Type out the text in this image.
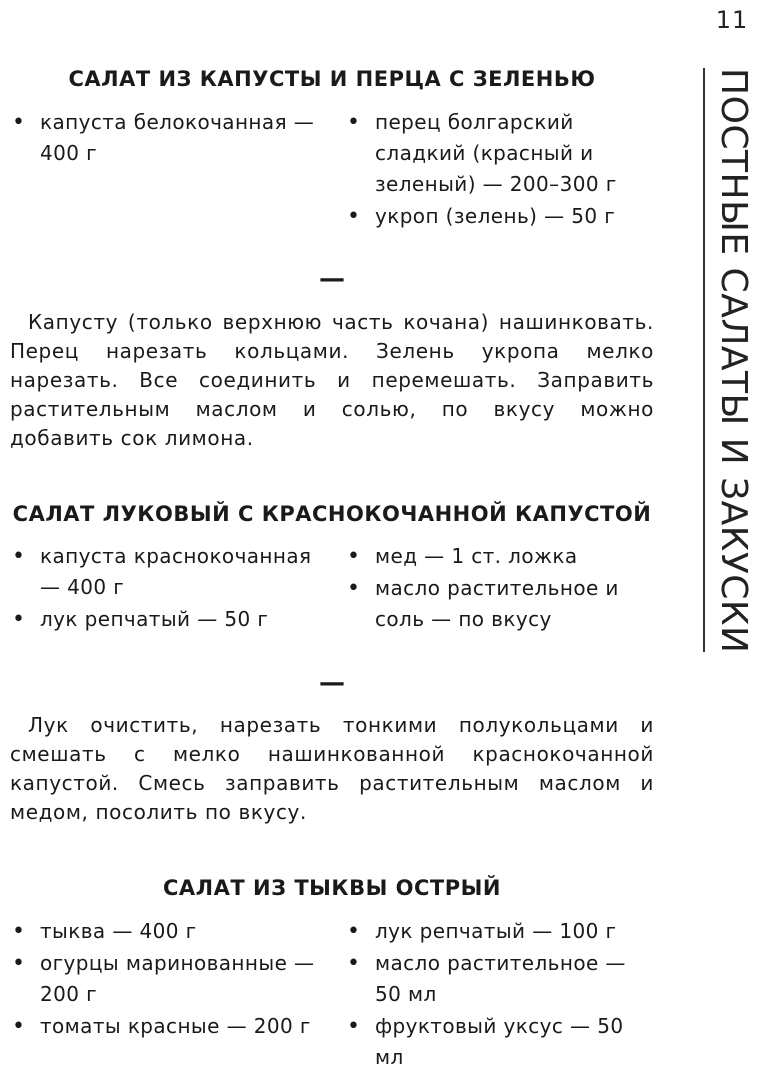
11
ПОСТНЫЕ САЛАТЫ И ЗАКУСКИ
САЛАТ ИЗ КАПУСТЫ И ПЕРЦА С ЗЕЛЕНЬЮ
• капуста белокочанная — 400 г
• перец болгарский сладкий (красный и зеленый) — 200–300 г
• укроп (зелень) — 50 г
—

Капусту (только верхнюю часть кочана) нашинковать. Перец нарезать кольцами. Зелень укропа мелко нарезать. Все соединить и перемешать. Заправить растительным маслом и солью, по вкусу можно добавить сок лимона.

САЛАТ ЛУКОВЫЙ С КРАСНОКОЧАННОЙ КАПУСТОЙ
• капуста краснокочанная — 400 г
• лук репчатый — 50 г
• мед — 1 ст. ложка
• масло растительное и соль — по вкусу
—

Лук очистить, нарезать тонкими полукольцами и смешать с мелко нашинкованной краснокочанной капустой. Смесь заправить растительным маслом и медом, посолить по вкусу.

САЛАТ ИЗ ТЫКВЫ ОСТРЫЙ
• тыква — 400 г
• огурцы маринованные — 200 г
• томаты красные — 200 г
• лук репчатый — 100 г
• масло растительное — 50 мл
• фруктовый уксус — 50 мл
